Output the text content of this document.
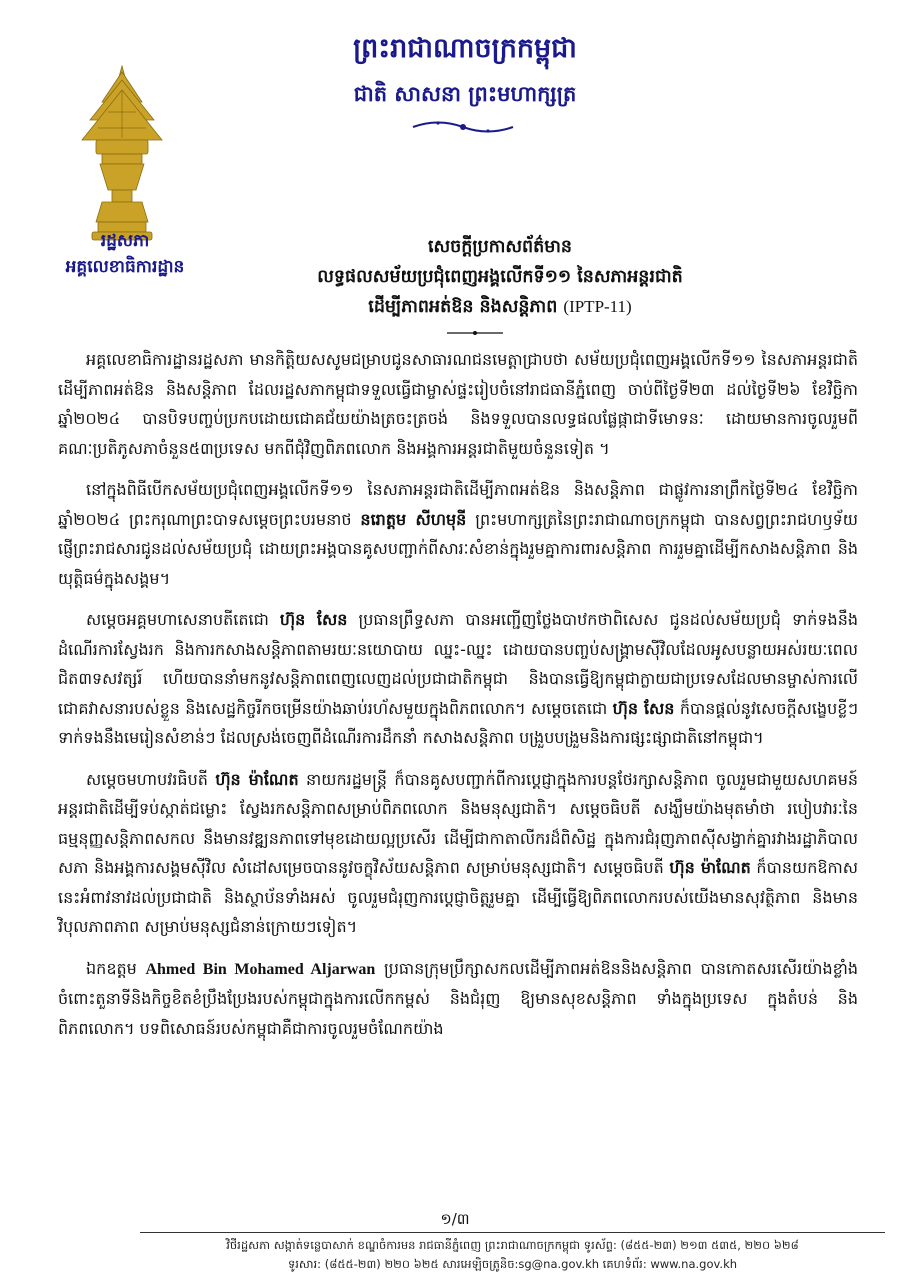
រដ្ឋសភា
អគ្គលេខាធិការដ្ឋាន
ព្រះរាជាណាចក្រកម្ពុជា
ជាតិ សាសនា ព្រះមហាក្សត្រ
សេចក្តីប្រកាសព័ត៌មាន
លទ្ធផលសម័យប្រជុំពេញអង្គលើកទី១១ នៃសភាអន្តរជាតិ
ដើម្បីភាពអត់ឱន និងសន្តិភាព (IPTP-11)

អគ្គលេខាធិការដ្ឋានរដ្ឋសភា មានកិត្តិយសសូមជម្រាបជូនសាធារណជនមេត្តាជ្រាបថា សម័យប្រជុំពេញអង្គលើកទី១១ នៃសភាអន្តរជាតិដើម្បីភាពអត់ឱន និងសន្តិភាព ដែលរដ្ឋសភាកម្ពុជាទទួលធ្វើជាម្ចាស់ផ្ទះរៀបចំនៅរាជធានីភ្នំពេញ ចាប់ពីថ្ងៃទី២៣ ដល់ថ្ងៃទី២៦ ខែវិច្ឆិកា ឆ្នាំ២០២៤ បានបិទបញ្ចប់ប្រកបដោយជោគជ័យយ៉ាងត្រចះត្រចង់ និងទទួលបានលទ្ធផលផ្លែផ្កាជាទីមោទនៈ ដោយមានការចូលរួមពីគណៈប្រតិភូសភាចំនួន៥៣ប្រទេស មកពីជុំវិញពិភពលោក និងអង្គការអន្តរជាតិមួយចំនួនទៀត ។

នៅក្នុងពិធីបើកសម័យប្រជុំពេញអង្គលើកទី១១ នៃសភាអន្តរជាតិដើម្បីភាពអត់ឱន និងសន្តិភាព ជាផ្លូវការនាព្រឹកថ្ងៃទី២៤ ខែវិច្ឆិកា ឆ្នាំ២០២៤ ព្រះករុណាព្រះបាទសម្តេចព្រះបរមនាថ នរោត្តម សីហមុនី ព្រះមហាក្សត្រនៃព្រះរាជាណាចក្រកម្ពុជា បានសព្វព្រះរាជហឫទ័យ ផ្ញើព្រះរាជសារជូនដល់សម័យប្រជុំ ដោយព្រះអង្គបានគូសបញ្ជាក់ពីសារៈសំខាន់ក្នុងរួមគ្នាការពារសន្តិភាព ការរួមគ្នាដើម្បីកសាងសន្តិភាព និងយុត្តិធម៌ក្នុងសង្គម។

សម្តេចអគ្គមហាសេនាបតីតេជោ ហ៊ុន សែន ប្រធានព្រឹទ្ធសភា បានអញ្ជើញថ្លែងបាឋកថាពិសេស ជូនដល់សម័យប្រជុំ ទាក់ទងនឹងដំណើរការស្វែងរក និងការកសាងសន្តិភាពតាមរយៈនយោបាយ ឈ្នះ-ឈ្នះ ដោយបានបញ្ចប់សង្គ្រាមស៊ីវិលដែលអូសបន្លាយអស់រយៈពេលជិត៣ទសវត្សរ៍ ហើយបាននាំមកនូវសន្តិភាពពេញលេញដល់ប្រជាជាតិកម្ពុជា និងបានធ្វើឱ្យកម្ពុជាក្លាយជាប្រទេសដែលមានម្ចាស់ការលើជោគវាសនារបស់ខ្លួន និងសេដ្ឋកិច្ចរីកចម្រើនយ៉ាងឆាប់រហ័សមួយក្នុងពិភពលោក។ សម្តេចតេជោ ហ៊ុន សែន ក៏បានផ្តល់នូវសេចក្តីសង្ខេបខ្លីៗទាក់ទងនឹងមេរៀនសំខាន់ៗ ដែលស្រង់ចេញពីដំណើរការដឹកនាំ កសាងសន្តិភាព បង្រួបបង្រួមនិងការផ្សះផ្សាជាតិនៅកម្ពុជា។

សម្តេចមហាបវរធិបតី ហ៊ុន ម៉ាណែត នាយករដ្ឋមន្ត្រី ក៏បានគូសបញ្ជាក់ពីការប្តេជ្ញាក្នុងការបន្តថែរក្សាសន្តិភាព ចូលរួមជាមួយសហគមន៍អន្តរជាតិដើម្បីទប់ស្កាត់ជម្លោះ ស្វែងរកសន្តិភាពសម្រាប់ពិភពលោក និងមនុស្សជាតិ។ សម្តេចធិបតី សង្ឃឹមយ៉ាងមុតមាំថា របៀបវារៈនៃធម្មនុញ្ញសន្តិភាពសកល នឹងមានវឌ្ឍនភាពទៅមុខដោយល្អប្រសើរ ដើម្បីជាកាតាលីករដ៏ពិសិដ្ឋ ក្នុងការជំរុញភាពស៊ីសង្វាក់គ្នារវាងរដ្ឋាភិបាល សភា និងអង្គការសង្គមស៊ីវិល សំដៅសម្រេចបាននូវចក្ខុវិស័យសន្តិភាព សម្រាប់មនុស្សជាតិ។ សម្តេចធិបតី ហ៊ុន ម៉ាណែត ក៏បានយកឱកាសនេះអំពាវនាវដល់ប្រជាជាតិ និងស្ថាប័នទាំងអស់ ចូលរួមជំរុញការប្តេជ្ញាចិត្តរួមគ្នា ដើម្បីធ្វើឱ្យពិភពលោករបស់យើងមានសុវត្ថិភាព និងមានវិបុលភាពភាព សម្រាប់មនុស្សជំនាន់ក្រោយៗទៀត។

ឯកឧត្តម Ahmed Bin Mohamed Aljarwan ប្រធានក្រុមប្រឹក្សាសកលដើម្បីភាពអត់ឱននិងសន្តិភាព បានកោតសរសើរយ៉ាងខ្លាំងចំពោះតួនាទីនិងកិច្ចខិតខំប្រឹងប្រែងរបស់កម្ពុជាក្នុងការលើកកម្ពស់ និងជំរុញ ឱ្យមានសុខសន្តិភាព ទាំងក្នុងប្រទេស ក្នុងតំបន់ និងពិភពលោក។ បទពិសោធន៍របស់កម្ពុជាគឺជាការចូលរួមចំណែកយ៉ាង

១/៣
វិថីរដ្ឋសភា សង្កាត់ទន្លេបាសាក់ ខណ្ឌចំការមន រាជធានីភ្នំពេញ ព្រះរាជាណាចក្រកម្ពុជា ទូរស័ព្ទ: (៨៥៥-២៣) ២១៣ ៥៣៥, ២២០ ៦២៨
ទូរសារ: (៨៥៥-២៣) ២២០ ៦២៥ សារអេឡិចត្រូនិច:sg@na.gov.kh គេហទំព័រ: www.na.gov.kh
